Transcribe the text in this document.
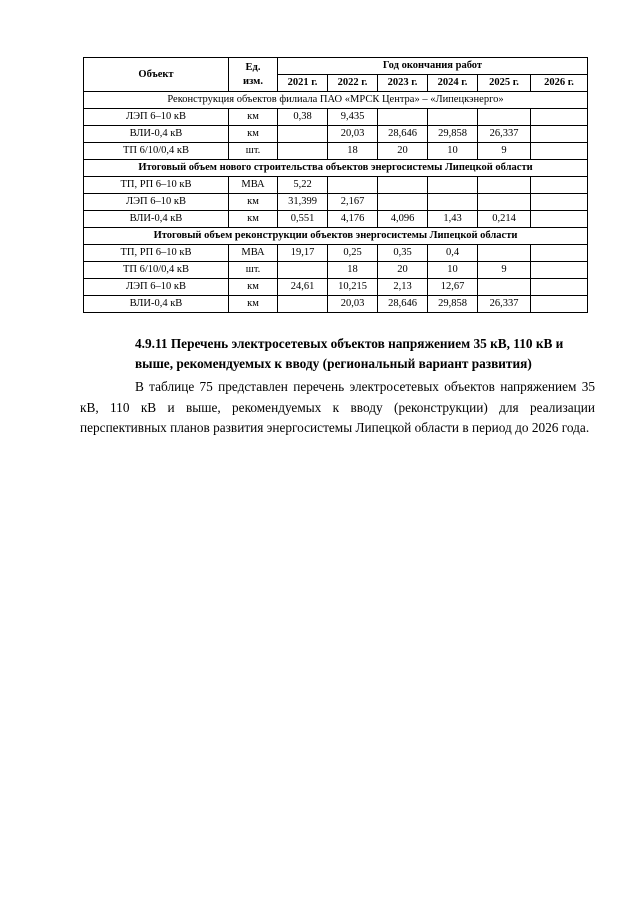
Объект	Ед.
изм.	Год окончания работ					
		2021 г.	2022 г.	2023 г.	2024 г.	2025 г.	2026 г.
Реконструкция объектов филиала ПАО «МРСК Центра» – «Липецкэнерго»							
ЛЭП 6–10 кВ	км	0,38	9,435				
ВЛИ-0,4 кВ	км		20,03	28,646	29,858	26,337	
ТП 6/10/0,4 кВ	шт.		18	20	10	9	
Итоговый объем нового строительства объектов энергосистемы Липецкой области							
ТП, РП 6–10 кВ	МВА	5,22					
ЛЭП 6–10 кВ	км	31,399	2,167				
ВЛИ-0,4 кВ	км	0,551	4,176	4,096	1,43	0,214	
Итоговый объем реконструкции объектов энергосистемы Липецкой области							
ТП, РП 6–10 кВ	МВА	19,17	0,25	0,35	0,4		
ТП 6/10/0,4 кВ	шт.		18	20	10	9	
ЛЭП 6–10 кВ	км	24,61	10,215	2,13	12,67		
ВЛИ-0,4 кВ	км		20,03	28,646	29,858	26,337	
4.9.11 Перечень электросетевых объектов напряжением 35 кВ, 110 кВ и
выше, рекомендуемых к вводу (региональный вариант развития)

В таблице 75 представлен перечень электросетевых объектов напряжением 35 кВ, 110 кВ и выше, рекомендуемых к вводу (реконструкции) для реализации перспективных планов развития энергосистемы Липецкой области в период до 2026 года.
